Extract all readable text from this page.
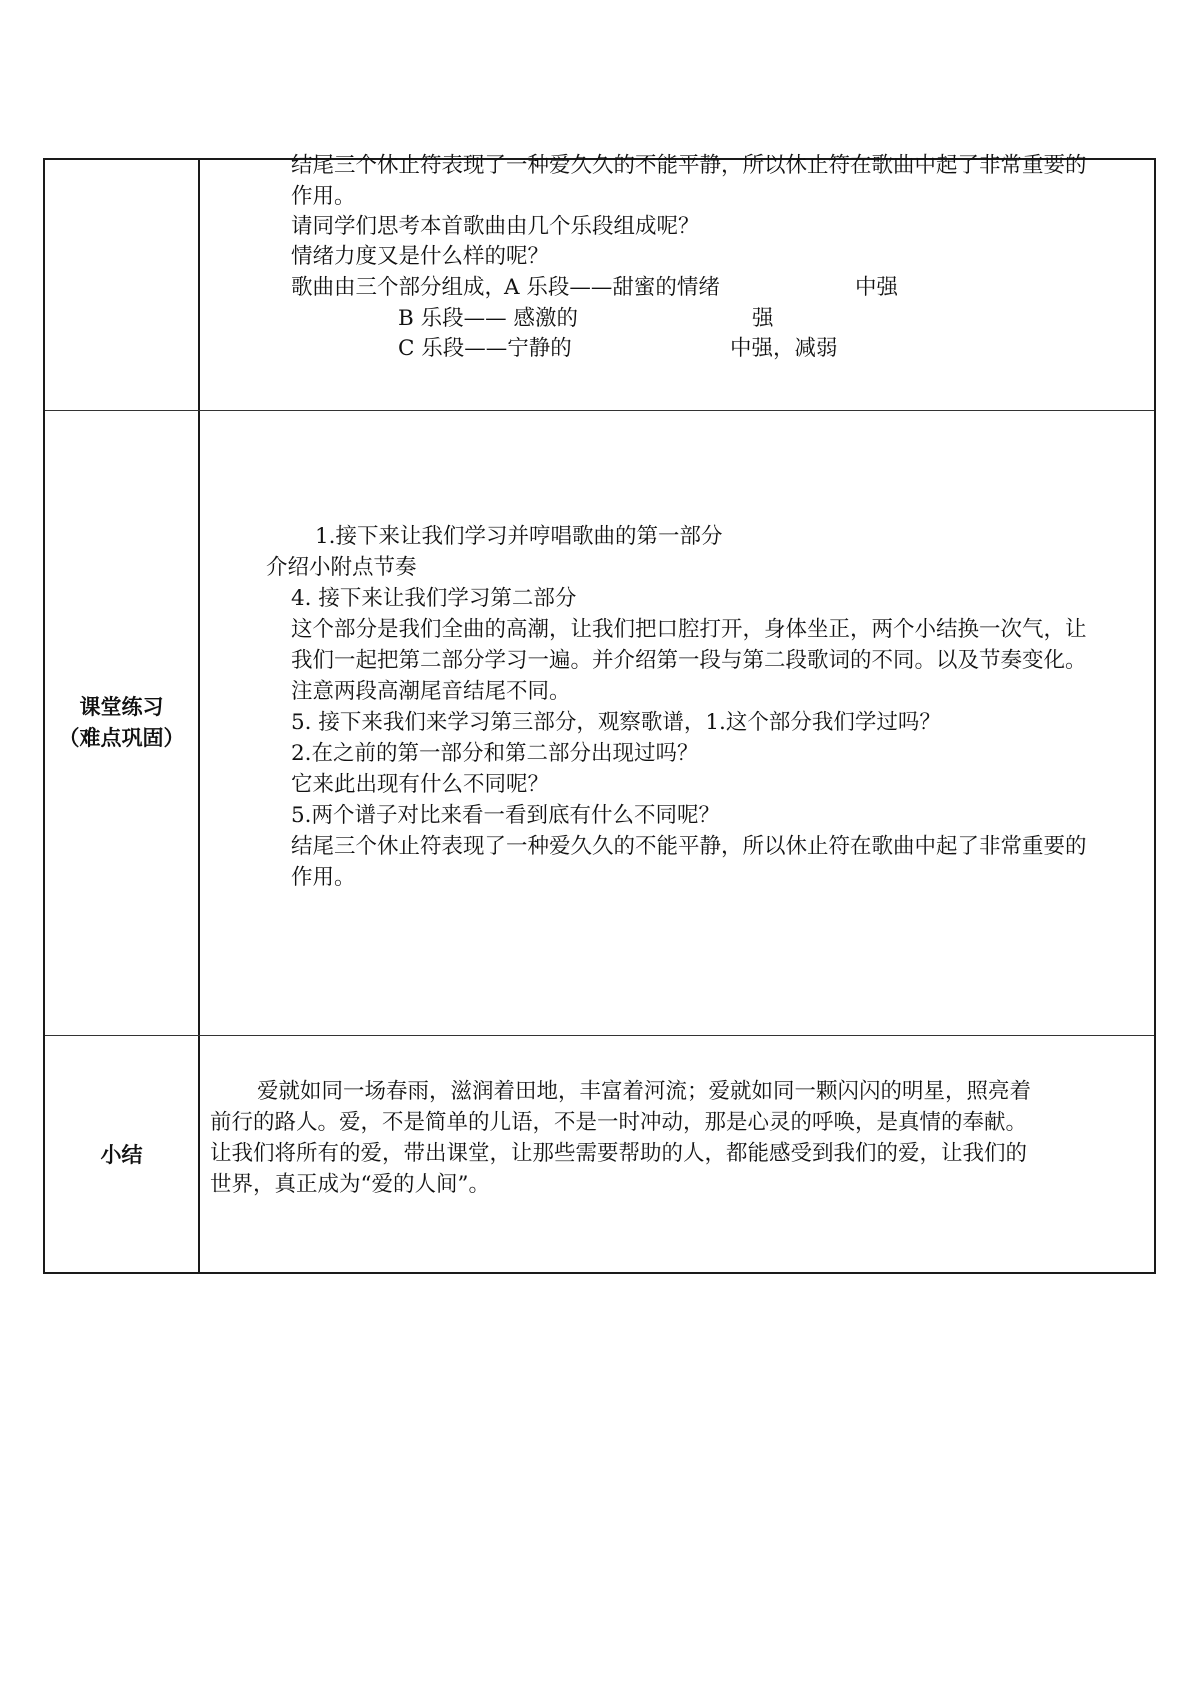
结尾三个休止符表现了一种爱久久的不能平静，所以休止符在歌曲中起了非常重要的
作用。
请同学们思考本首歌曲由几个乐段组成呢？
情绪力度又是什么样的呢？
歌曲由三个部分组成，
A 乐段——甜蜜的情绪	中强
B 乐段—— 感激的	强
C 乐段——宁静的	中强，减弱
课堂练习
（难点巩固）
1.接下来让我们学习并哼唱歌曲的第一部分
介绍小附点节奏
4. 接下来让我们学习第二部分
这个部分是我们全曲的高潮，让我们把口腔打开，身体坐正，两个小结换一次气，让
我们一起把第二部分学习一遍。并介绍第一段与第二段歌词的不同。以及节奏变化。
注意两段高潮尾音结尾不同。
5. 接下来我们来学习第三部分，观察歌谱，1.这个部分我们学过吗？
2.在之前的第一部分和第二部分出现过吗？
它来此出现有什么不同呢？
5.两个谱子对比来看一看到底有什么不同呢？
结尾三个休止符表现了一种爱久久的不能平静，所以休止符在歌曲中起了非常重要的
作用。
小结
爱就如同一场春雨，滋润着田地，丰富着河流；爱就如同一颗闪闪的明星，照亮着
前行的路人。爱，不是简单的儿语，不是一时冲动，那是心灵的呼唤，是真情的奉献。
让我们将所有的爱，带出课堂，让那些需要帮助的人，都能感受到我们的爱，让我们的
世界，真正成为“爱的人间”。
